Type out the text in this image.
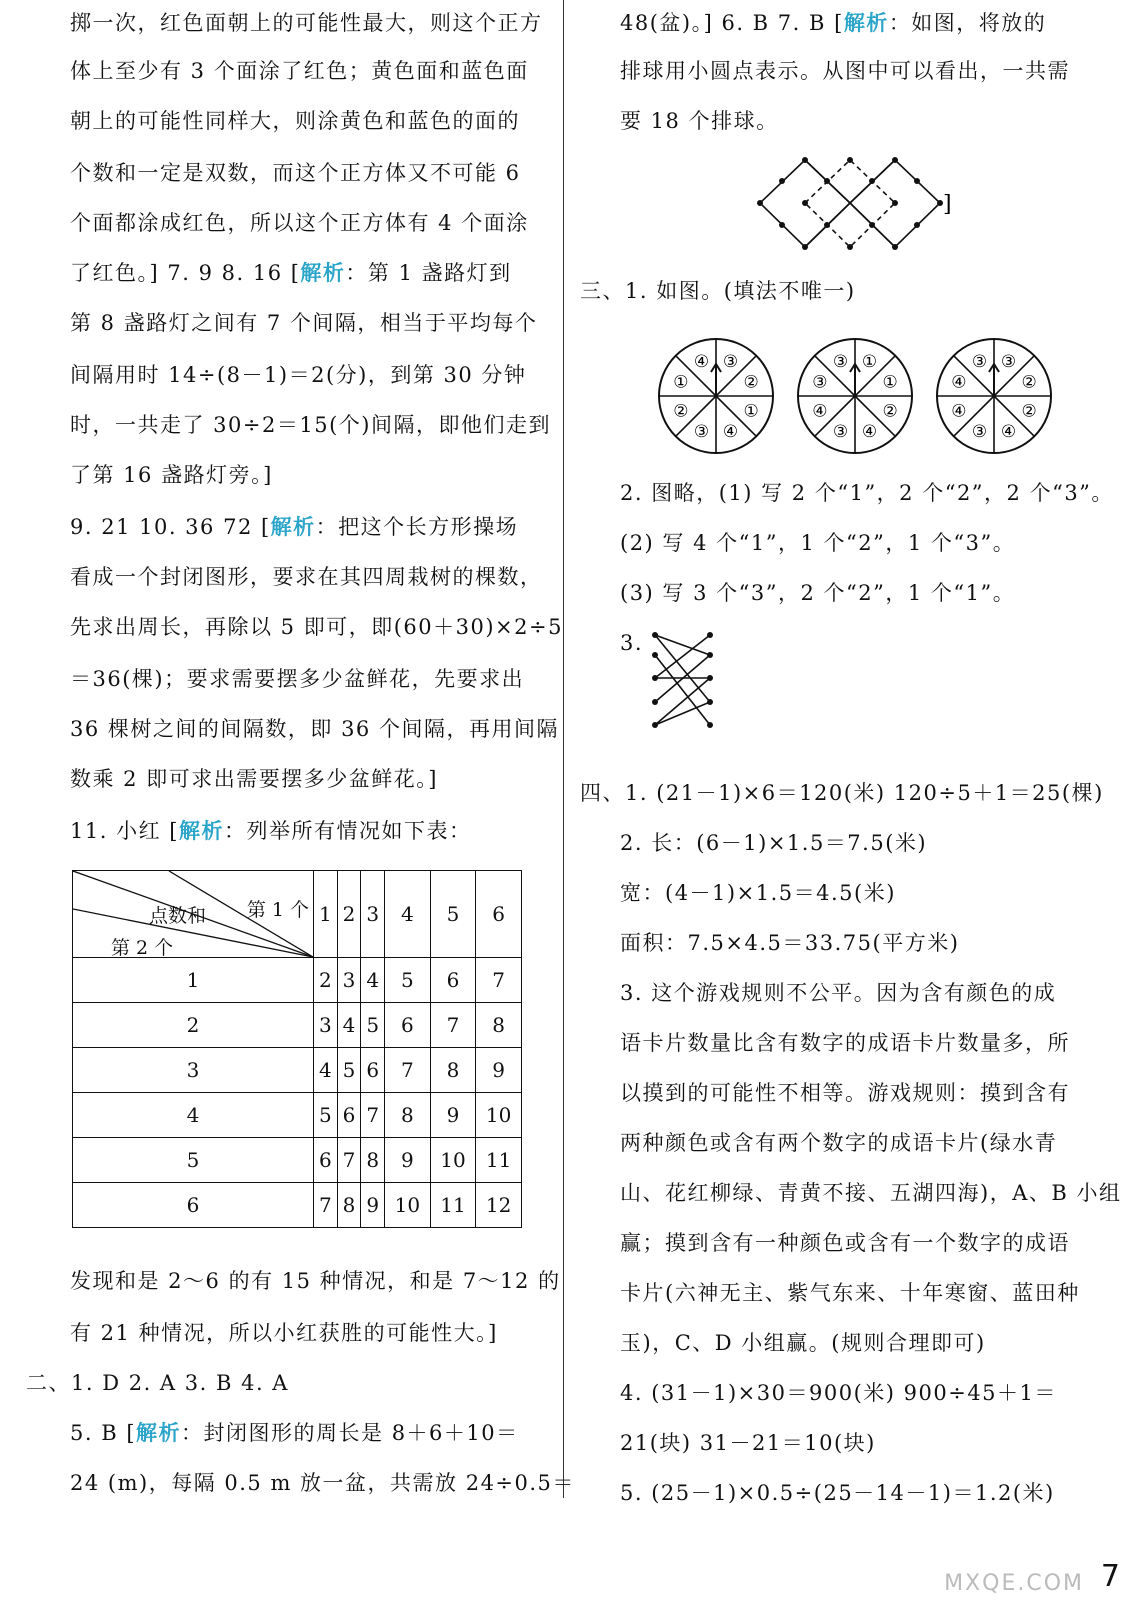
掷一次，红色面朝上的可能性最大，则这个正方
体上至少有 3 个面涂了红色；黄色面和蓝色面
朝上的可能性同样大，则涂黄色和蓝色的面的
个数和一定是双数，而这个正方体又不可能 6
个面都涂成红色，所以这个正方体有 4 个面涂
了红色。] 7. 9 8. 16 [解析：第 1 盏路灯到
第 8 盏路灯之间有 7 个间隔，相当于平均每个
间隔用时 14÷(8－1)＝2(分)，到第 30 分钟
时，一共走了 30÷2＝15(个)间隔，即他们走到
了第 16 盏路灯旁。]
9. 21 10. 36 72 [解析：把这个长方形操场
看成一个封闭图形，要求在其四周栽树的棵数，
先求出周长，再除以 5 即可，即(60＋30)×2÷5
＝36(棵)；要求需要摆多少盆鲜花，先要求出
36 棵树之间的间隔数，即 36 个间隔，再用间隔
数乘 2 即可求出需要摆多少盆鲜花。]
11. 小红 [解析：列举所有情况如下表：
第 1 个
点数和
第 2 个	1	2	3	4	5	6
1	2	3	4	5	6	7
2	3	4	5	6	7	8
3	4	5	6	7	8	9
4	5	6	7	8	9	10
5	6	7	8	9	10	11
6	7	8	9	10	11	12
发现和是 2～6 的有 15 种情况，和是 7～12 的
有 21 种情况，所以小红获胜的可能性大。]
二、1. D 2. A 3. B 4. A
5. B [解析：封闭图形的周长是 8＋6＋10＝
24 (m)，每隔 0.5 m 放一盆，共需放 24÷0.5＝
48(盆)。] 6. B 7. B [解析：如图，将放的
排球用小圆点表示。从图中可以看出，一共需
要 18 个排球。
]
三、1. 如图。(填法不唯一)
③
②
①
④
③
②
①
④	①
①
②
④
③
④
③
③	③
②
②
④
③
④
④
③
2. 图略，(1) 写 2 个“1”，2 个“2”，2 个“3”。
(2) 写 4 个“1”，1 个“2”，1 个“3”。
(3) 写 3 个“3”，2 个“2”，1 个“1”。
3.
四、1. (21－1)×6＝120(米) 120÷5＋1＝25(棵)
2. 长：(6－1)×1.5＝7.5(米)
宽：(4－1)×1.5＝4.5(米)
面积：7.5×4.5＝33.75(平方米)
3. 这个游戏规则不公平。因为含有颜色的成
语卡片数量比含有数字的成语卡片数量多，所
以摸到的可能性不相等。游戏规则：摸到含有
两种颜色或含有两个数字的成语卡片(绿水青
山、花红柳绿、青黄不接、五湖四海)，A、B 小组
赢；摸到含有一种颜色或含有一个数字的成语
卡片(六神无主、紫气东来、十年寒窗、蓝田种
玉)，C、D 小组赢。(规则合理即可)
4. (31－1)×30＝900(米) 900÷45＋1＝
21(块) 31－21＝10(块)
5. (25－1)×0.5÷(25－14－1)＝1.2(米)
MXQE.COM 7
